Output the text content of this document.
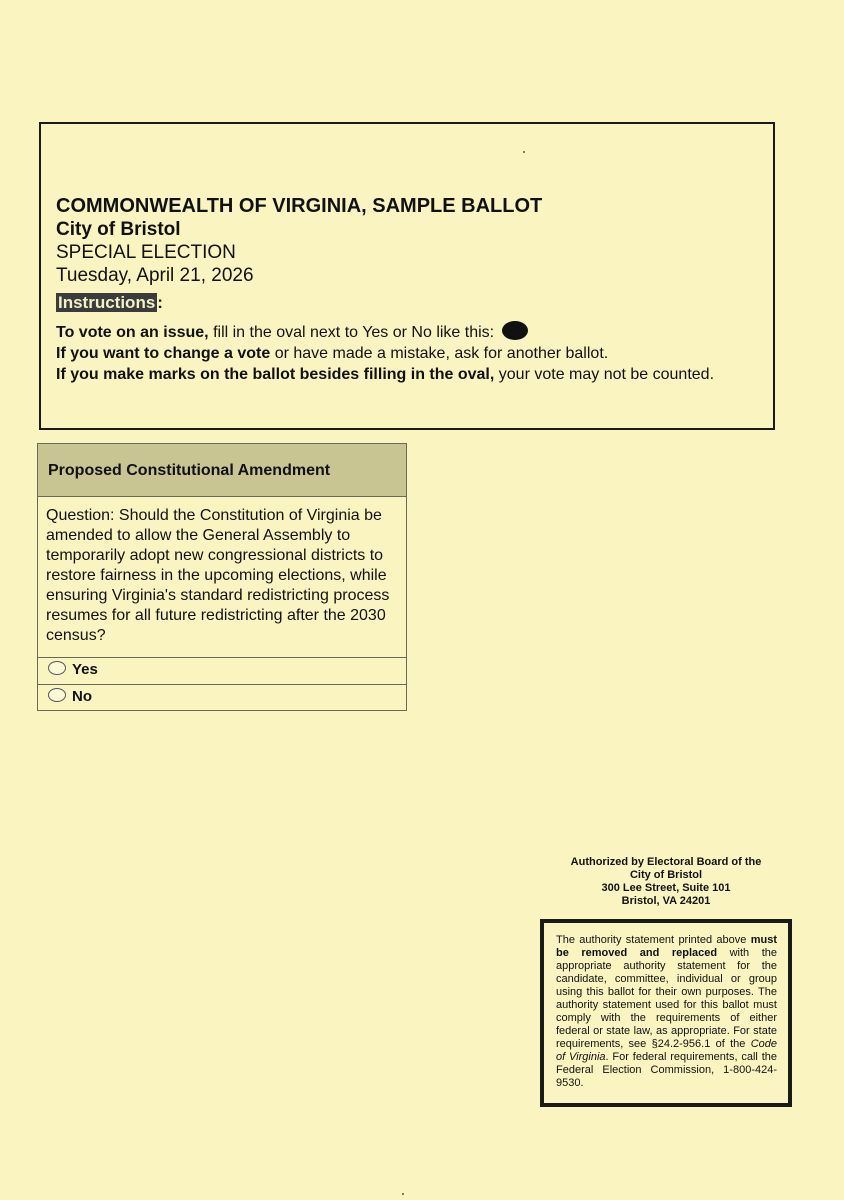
COMMONWEALTH OF VIRGINIA, SAMPLE BALLOT
City of Bristol
SPECIAL ELECTION
Tuesday, April 21, 2026
Instructions :
To vote on an issue, fill in the oval next to Yes or No like this:
If you want to change a vote or have made a mistake, ask for another ballot.
If you make marks on the ballot besides filling in the oval, your vote may not be counted.
Proposed Constitutional Amendment
Question: Should the Constitution of Virginia be amended to allow the General Assembly to temporarily adopt new congressional districts to restore fairness in the upcoming elections, while ensuring Virginia's standard redistricting process resumes for all future redistricting after the 2030 census?
Yes
No
Authorized by Electoral Board of the
City of Bristol
300 Lee Street, Suite 101
Bristol, VA 24201
The authority statement printed above must be removed and replaced with the appropriate authority statement for the candidate, committee, individual or group using this ballot for their own purposes. The authority statement used for this ballot must comply with the requirements of either federal or state law, as appropriate. For state requirements, see §24.2-956.1 of the Code of Virginia. For federal requirements, call the Federal Election Commission, 1-800-424-9530.
